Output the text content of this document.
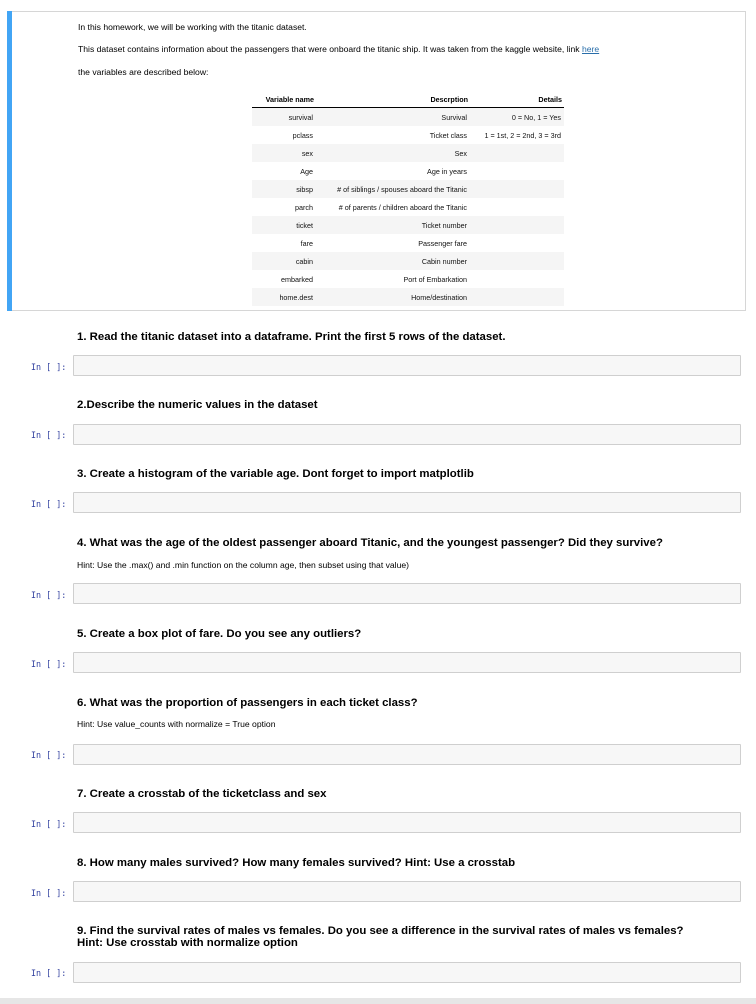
In this homework, we will be working with the titanic dataset.
This dataset contains information about the passengers that were onboard the titanic ship. It was taken from the kaggle website, link here
the variables are described below:
Variable name	Descrption	Details
survival	Survival	0 = No, 1 = Yes
pclass	Ticket class	1 = 1st, 2 = 2nd, 3 = 3rd
sex	Sex	
Age	Age in years	
sibsp	# of siblings / spouses aboard the Titanic	
parch	# of parents / children aboard the Titanic	
ticket	Ticket number	
fare	Passenger fare	
cabin	Cabin number	
embarked	Port of Embarkation	
home.dest	Home/destination	
1. Read the titanic dataset into a dataframe. Print the first 5 rows of the dataset.
In [ ]:
2.Describe the numeric values in the dataset
In [ ]:
3. Create a histogram of the variable age. Dont forget to import matplotlib
In [ ]:
4. What was the age of the oldest passenger aboard Titanic, and the youngest passenger? Did they survive?
Hint: Use the .max() and .min function on the column age, then subset using that value)
In [ ]:
5. Create a box plot of fare. Do you see any outliers?
In [ ]:
6. What was the proportion of passengers in each ticket class?
Hint: Use value_counts with normalize = True option
In [ ]:
7. Create a crosstab of the ticketclass and sex
In [ ]:
8. How many males survived? How many females survived? Hint: Use a crosstab
In [ ]:
9. Find the survival rates of males vs females. Do you see a difference in the survival rates of males vs females?
Hint: Use crosstab with normalize option
In [ ]:
